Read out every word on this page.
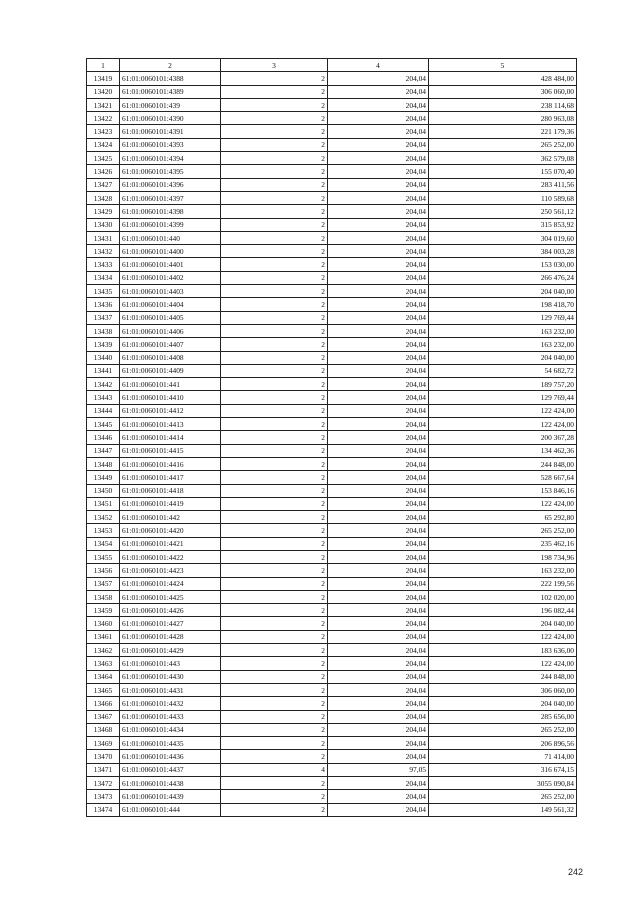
1	2	3	4	5
13419	61:01:0060101:4388	2	204,04	428 484,00
13420	61:01:0060101:4389	2	204,04	306 060,00
13421	61:01:0060101:439	2	204,04	238 114,68
13422	61:01:0060101:4390	2	204,04	280 963,08
13423	61:01:0060101:4391	2	204,04	221 179,36
13424	61:01:0060101:4393	2	204,04	265 252,00
13425	61:01:0060101:4394	2	204,04	362 579,08
13426	61:01:0060101:4395	2	204,04	155 070,40
13427	61:01:0060101:4396	2	204,04	283 411,56
13428	61:01:0060101:4397	2	204,04	110 589,68
13429	61:01:0060101:4398	2	204,04	250 561,12
13430	61:01:0060101:4399	2	204,04	315 853,92
13431	61:01:0060101:440	2	204,04	304 019,60
13432	61:01:0060101:4400	2	204,04	384 003,28
13433	61:01:0060101:4401	2	204,04	153 030,00
13434	61:01:0060101:4402	2	204,04	266 476,24
13435	61:01:0060101:4403	2	204,04	204 040,00
13436	61:01:0060101:4404	2	204,04	198 418,70
13437	61:01:0060101:4405	2	204,04	129 769,44
13438	61:01:0060101:4406	2	204,04	163 232,00
13439	61:01:0060101:4407	2	204,04	163 232,00
13440	61:01:0060101:4408	2	204,04	204 040,00
13441	61:01:0060101:4409	2	204,04	54 682,72
13442	61:01:0060101:441	2	204,04	189 757,20
13443	61:01:0060101:4410	2	204,04	129 769,44
13444	61:01:0060101:4412	2	204,04	122 424,00
13445	61:01:0060101:4413	2	204,04	122 424,00
13446	61:01:0060101:4414	2	204,04	200 367,28
13447	61:01:0060101:4415	2	204,04	134 462,36
13448	61:01:0060101:4416	2	204,04	244 848,00
13449	61:01:0060101:4417	2	204,04	528 667,64
13450	61:01:0060101:4418	2	204,04	153 846,16
13451	61:01:0060101:4419	2	204,04	122 424,00
13452	61:01:0060101:442	2	204,04	65 292,80
13453	61:01:0060101:4420	2	204,04	265 252,00
13454	61:01:0060101:4421	2	204,04	235 462,16
13455	61:01:0060101:4422	2	204,04	198 734,96
13456	61:01:0060101:4423	2	204,04	163 232,00
13457	61:01:0060101:4424	2	204,04	222 199,56
13458	61:01:0060101:4425	2	204,04	102 020,00
13459	61:01:0060101:4426	2	204,04	196 082,44
13460	61:01:0060101:4427	2	204,04	204 040,00
13461	61:01:0060101:4428	2	204,04	122 424,00
13462	61:01:0060101:4429	2	204,04	183 636,00
13463	61:01:0060101:443	2	204,04	122 424,00
13464	61:01:0060101:4430	2	204,04	244 848,00
13465	61:01:0060101:4431	2	204,04	306 060,00
13466	61:01:0060101:4432	2	204,04	204 040,00
13467	61:01:0060101:4433	2	204,04	285 656,00
13468	61:01:0060101:4434	2	204,04	265 252,00
13469	61:01:0060101:4435	2	204,04	206 896,56
13470	61:01:0060101:4436	2	204,04	71 414,00
13471	61:01:0060101:4437	4	97,05	316 674,15
13472	61:01:0060101:4438	2	204,04	3055 090,84
13473	61:01:0060101:4439	2	204,04	265 252,00
13474	61:01:0060101:444	2	204,04	149 561,32
242
